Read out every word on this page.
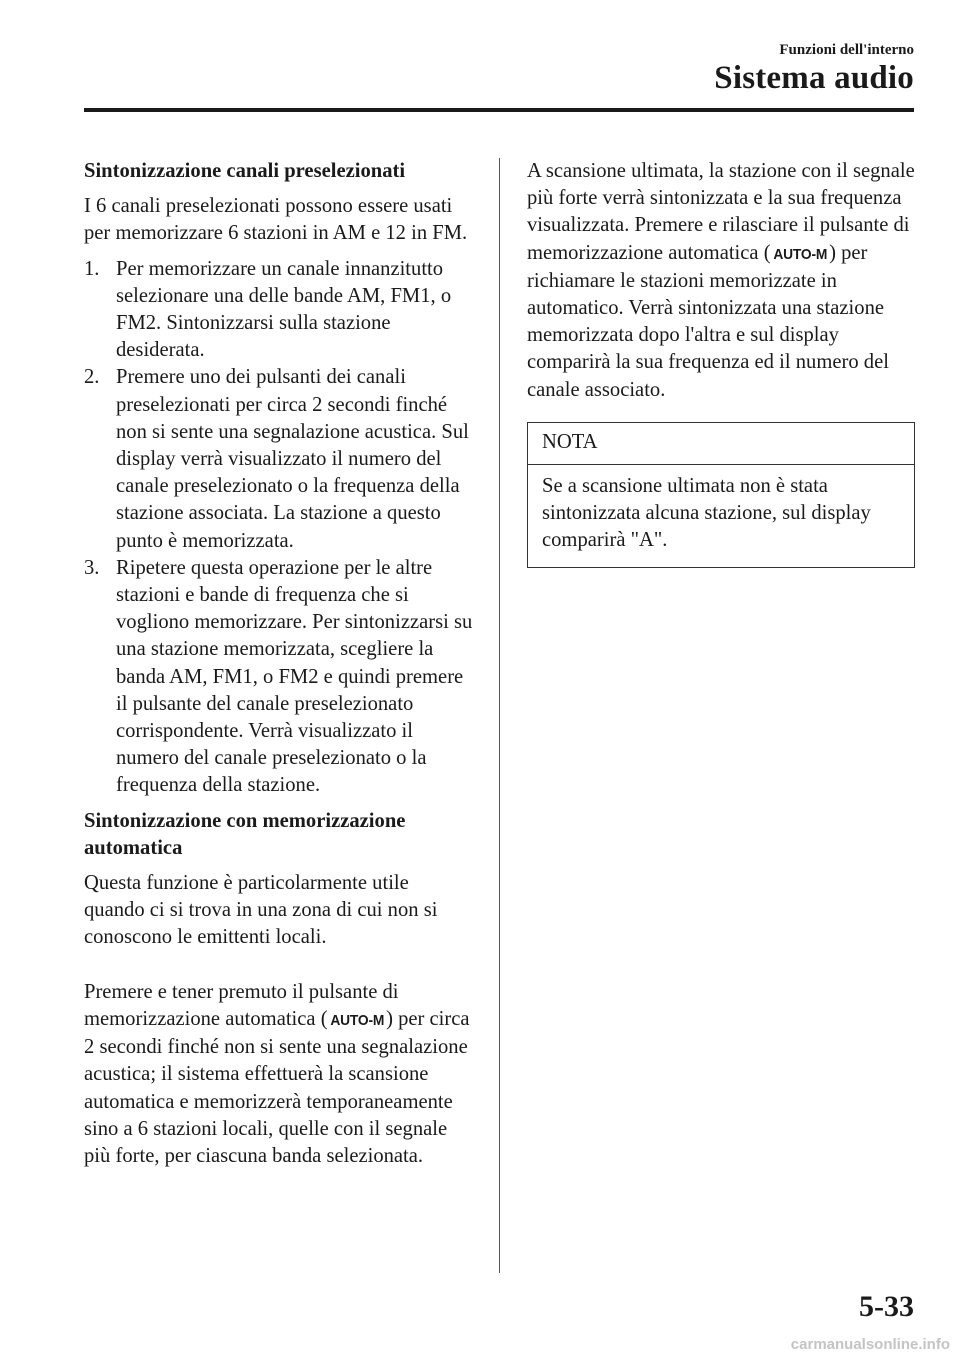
Funzioni dell'interno
Sistema audio

Sintonizzazione canali preselezionati

I 6 canali preselezionati possono essere usati per memorizzare 6 stazioni in AM e 12 in FM.

1. Per memorizzare un canale innanzitutto selezionare una delle bande AM, FM1, o FM2. Sintonizzarsi sulla stazione desiderata.
2. Premere uno dei pulsanti dei canali preselezionati per circa 2 secondi finché non si sente una segnalazione acustica. Sul display verrà visualizzato il numero del canale preselezionato o la frequenza della stazione associata. La stazione a questo punto è memorizzata.
3. Ripetere questa operazione per le altre stazioni e bande di frequenza che si vogliono memorizzare. Per sintonizzarsi su una stazione memorizzata, scegliere la banda AM, FM1, o FM2 e quindi premere il pulsante del canale preselezionato corrispondente. Verrà visualizzato il numero del canale preselezionato o la frequenza della stazione.

Sintonizzazione con memorizzazione automatica

Questa funzione è particolarmente utile quando ci si trova in una zona di cui non si conoscono le emittenti locali.

Premere e tener premuto il pulsante di memorizzazione automatica ( AUTO-M ) per circa 2 secondi finché non si sente una segnalazione acustica; il sistema effettuerà la scansione automatica e memorizzerà temporaneamente sino a 6 stazioni locali, quelle con il segnale più forte, per ciascuna banda selezionata.

A scansione ultimata, la stazione con il segnale più forte verrà sintonizzata e la sua frequenza visualizzata. Premere e rilasciare il pulsante di memorizzazione automatica ( AUTO-M ) per richiamare le stazioni memorizzate in automatico. Verrà sintonizzata una stazione memorizzata dopo l'altra e sul display comparirà la sua frequenza ed il numero del canale associato.

NOTA
Se a scansione ultimata non è stata sintonizzata alcuna stazione, sul display comparirà "A".
5-33
carmanualsonline.info
